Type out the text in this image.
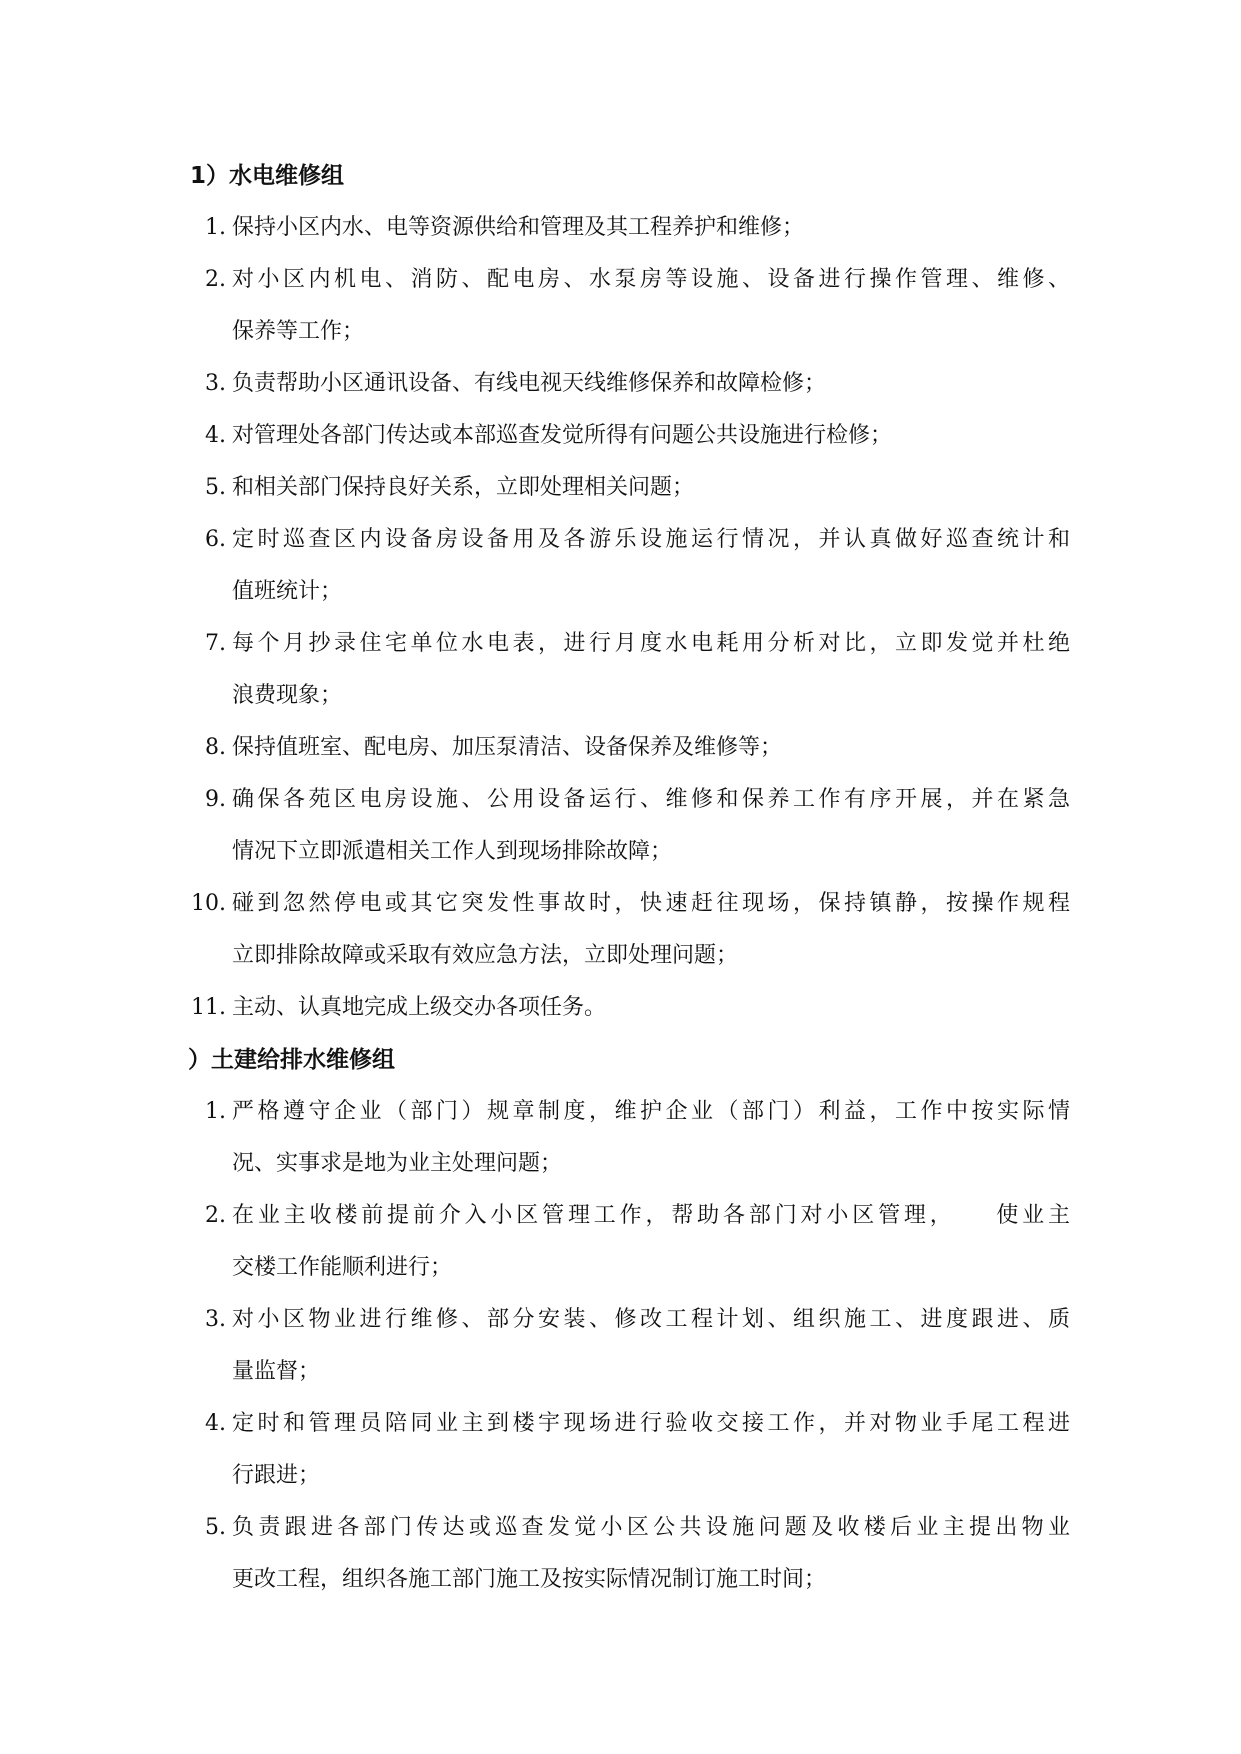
1）水电维修组
1. 保持小区内水、电等资源供给和管理及其工程养护和维修；
2. 对小区内机电、消防、配电房、水泵房等设施、设备进行操作管理、维修、
保养等工作；
3. 负责帮助小区通讯设备、有线电视天线维修保养和故障检修；
4. 对管理处各部门传达或本部巡查发觉所得有问题公共设施进行检修；
5. 和相关部门保持良好关系，立即处理相关问题；
6. 定时巡查区内设备房设备用及各游乐设施运行情况，并认真做好巡查统计和
值班统计；
7. 每个月抄录住宅单位水电表，进行月度水电耗用分析对比，立即发觉并杜绝
浪费现象；
8. 保持值班室、配电房、加压泵清洁、设备保养及维修等；
9. 确保各苑区电房设施、公用设备运行、维修和保养工作有序开展，并在紧急
情况下立即派遣相关工作人到现场排除故障；
10. 碰到忽然停电或其它突发性事故时，快速赶往现场，保持镇静，按操作规程
立即排除故障或采取有效应急方法，立即处理问题；
11. 主动、认真地完成上级交办各项任务。
）土建给排水维修组
1. 严格遵守企业（部门）规章制度，维护企业（部门）利益，工作中按实际情
况、实事求是地为业主处理问题；
2. 在业主收楼前提前介入小区管理工作，帮助各部门对小区管理，　　使业主
交楼工作能顺利进行；
3. 对小区物业进行维修、部分安装、修改工程计划、组织施工、进度跟进、质
量监督；
4. 定时和管理员陪同业主到楼宇现场进行验收交接工作，并对物业手尾工程进
行跟进；
5. 负责跟进各部门传达或巡查发觉小区公共设施问题及收楼后业主提出物业
更改工程，组织各施工部门施工及按实际情况制订施工时间；
